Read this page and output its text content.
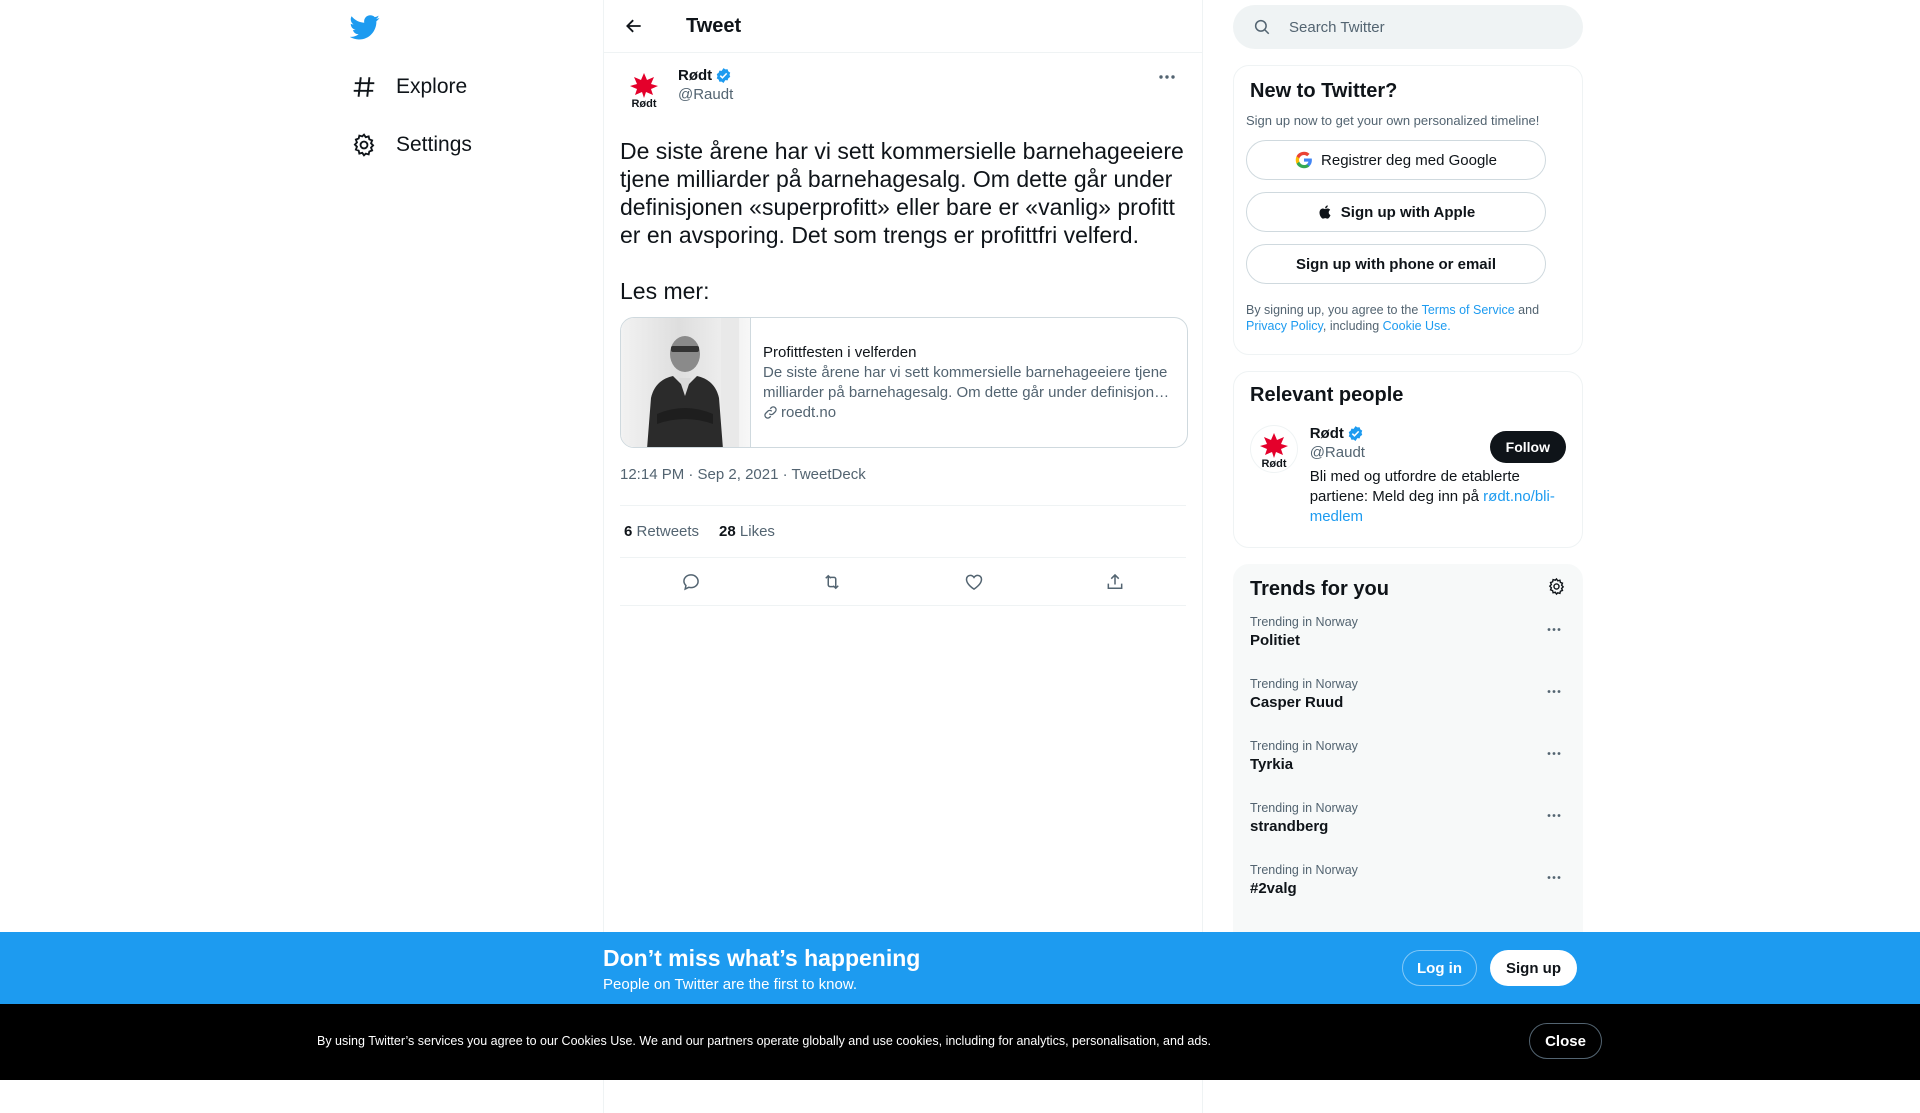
Explore
Settings
Tweet
Rødt
Rødt
@Raudt
De siste årene har vi sett kommersielle barnehageeiere tjene milliarder på barnehagesalg. Om dette går under definisjonen «superprofitt» eller bare er «vanlig» profitt er en avsporing. Det som trengs er profittfri velferd.

Les mer:
Profittfesten i velferden
De siste årene har vi sett kommersielle barnehageeiere tjene milliarder på barnehagesalg. Om dette går under definisjonen
roedt.no
12:14 PM · Sep 2, 2021 · TweetDeck
6 Retweets 28 Likes
Search Twitter
New to Twitter?
Sign up now to get your own personalized timeline!
Registrer deg med Google
Sign up with Apple
Sign up with phone or email
By signing up, you agree to the Terms of Service and Privacy Policy, including Cookie Use.
Relevant people
Rødt
Rødt
@Raudt
Bli med og utfordre de etablerte partiene: Meld deg inn på rødt.no/bli-medlem
Follow
Trends for you
Trending in Norway
Politiet
Trending in Norway
Casper Ruud
Trending in Norway
Tyrkia
Trending in Norway
strandberg
Trending in Norway
#2valg
Don’t miss what’s happening
People on Twitter are the first to know.
Log in	Sign up
By using Twitter’s services you agree to our Cookies Use. We and our partners operate globally and use cookies, including for analytics, personalisation, and ads.	Close
